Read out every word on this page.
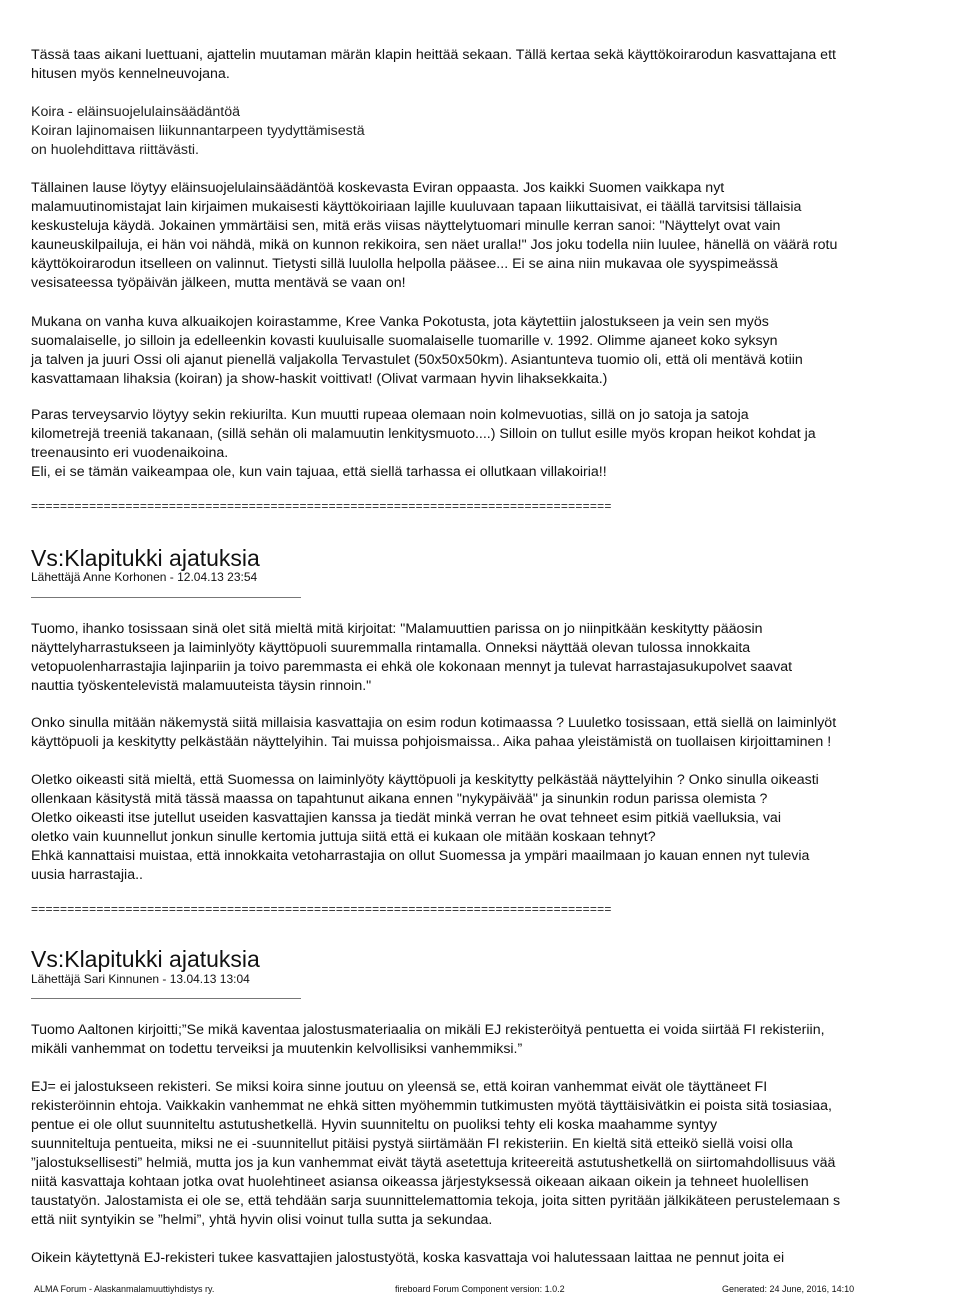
Tässä taas aikani luettuani, ajattelin muutaman märän klapin heittää sekaan. Tällä kertaa sekä käyttökoirarodun kasvattajana ett

hitusen myös kennelneuvojana.

Koira - eläinsuojelulainsäädäntöä

Koiran lajinomaisen liikunnantarpeen tyydyttämisestä

on huolehdittava riittävästi.

Tällainen lause löytyy eläinsuojelulainsäädäntöä koskevasta Eviran oppaasta. Jos kaikki Suomen vaikkapa nyt

malamuutinomistajat lain kirjaimen mukaisesti käyttökoiriaan lajille kuuluvaan tapaan liikuttaisivat, ei täällä tarvitsisi tällaisia

keskusteluja käydä. Jokainen ymmärtäisi sen, mitä eräs viisas näyttelytuomari minulle kerran sanoi: "Näyttelyt ovat vain

kauneuskilpailuja, ei hän voi nähdä, mikä on kunnon rekikoira, sen näet uralla!" Jos joku todella niin luulee, hänellä on väärä rotu

käyttökoirarodun itselleen on valinnut. Tietysti sillä luulolla helpolla pääsee... Ei se aina niin mukavaa ole syyspimeässä

vesisateessa työpäivän jälkeen, mutta mentävä se vaan on!

Mukana on vanha kuva alkuaikojen koirastamme, Kree Vanka Pokotusta, jota käytettiin jalostukseen ja vein sen myös

suomalaiselle, jo silloin ja edelleenkin kovasti kuuluisalle suomalaiselle tuomarille v. 1992. Olimme ajaneet koko syksyn

ja talven ja juuri Ossi oli ajanut pienellä valjakolla Tervastulet (50x50x50km). Asiantunteva tuomio oli, että oli mentävä kotiin

kasvattamaan lihaksia (koiran) ja show-haskit voittivat! (Olivat varmaan hyvin lihaksekkaita.)

Paras terveysarvio löytyy sekin rekiurilta. Kun muutti rupeaa olemaan noin kolmevuotias, sillä on jo satoja ja satoja

kilometrejä treeniä takanaan, (sillä sehän oli malamuutin lenkitysmuoto....) Silloin on tullut esille myös kropan heikot kohdat ja

treenausinto eri vuodenaikoina.

Eli, ei se tämän vaikeampaa ole, kun vain tajuaa, että siellä tarhassa ei ollutkaan villakoiria!!

================================================================================
Vs:Klapitukki ajatuksia
Lähettäjä Anne Korhonen - 12.04.13 23:54

Tuomo, ihanko tosissaan sinä olet sitä mieltä mitä kirjoitat: "Malamuuttien parissa on jo niinpitkään keskitytty pääosin

näyttelyharrastukseen ja laiminlyöty käyttöpuoli suuremmalla rintamalla. Onneksi näyttää olevan tulossa innokkaita

vetopuolenharrastajia lajinpariin ja toivo paremmasta ei ehkä ole kokonaan mennyt ja tulevat harrastajasukupolvet saavat

nauttia työskentelevistä malamuuteista täysin rinnoin."

Onko sinulla mitään näkemystä siitä millaisia kasvattajia on esim rodun kotimaassa ? Luuletko tosissaan, että siellä on laiminlyöt

käyttöpuoli ja keskitytty pelkästään näyttelyihin. Tai muissa pohjoismaissa.. Aika pahaa yleistämistä on tuollaisen kirjoittaminen !

Oletko oikeasti sitä mieltä, että Suomessa on laiminlyöty käyttöpuoli ja keskitytty pelkästää näyttelyihin ? Onko sinulla oikeasti

ollenkaan käsitystä mitä tässä maassa on tapahtunut aikana ennen "nykypäivää" ja sinunkin rodun parissa olemista ?

Oletko oikeasti itse jutellut useiden kasvattajien kanssa ja tiedät minkä verran he ovat tehneet esim pitkiä vaelluksia, vai

oletko vain kuunnellut jonkun sinulle kertomia juttuja siitä että ei kukaan ole mitään koskaan tehnyt?

Ehkä kannattaisi muistaa, että innokkaita vetoharrastajia on ollut Suomessa ja ympäri maailmaan jo kauan ennen nyt tulevia

uusia harrastajia..

================================================================================
Vs:Klapitukki ajatuksia
Lähettäjä Sari Kinnunen - 13.04.13 13:04

Tuomo Aaltonen kirjoitti;”Se mikä kaventaa jalostusmateriaalia on mikäli EJ rekisteröityä pentuetta ei voida siirtää FI rekisteriin,

mikäli vanhemmat on todettu terveiksi ja muutenkin kelvollisiksi vanhemmiksi.”

EJ= ei jalostukseen rekisteri. Se miksi koira sinne joutuu on yleensä se, että koiran vanhemmat eivät ole täyttäneet FI

rekisteröinnin ehtoja. Vaikkakin vanhemmat ne ehkä sitten myöhemmin tutkimusten myötä täyttäisivätkin ei poista sitä tosiasiaa,

pentue ei ole ollut suunniteltu astutushetkellä. Hyvin suunniteltu on puoliksi tehty eli koska maahamme syntyy

suunniteltuja pentueita, miksi ne ei -suunnitellut pitäisi pystyä siirtämään FI rekisteriin. En kieltä sitä etteikö siellä voisi olla

”jalostuksellisesti” helmiä, mutta jos ja kun vanhemmat eivät täytä asetettuja kriteereitä astutushetkellä on siirtomahdollisuus vää

niitä kasvattaja kohtaan jotka ovat huolehtineet asiansa oikeassa järjestyksessä oikeaan aikaan oikein ja tehneet huolellisen

taustatyön. Jalostamista ei ole se, että tehdään sarja suunnittelemattomia tekoja, joita sitten pyritään jälkikäteen perustelemaan s

että niit syntyikin se ”helmi”, yhtä hyvin olisi voinut tulla sutta ja sekundaa.

Oikein käytettynä EJ-rekisteri tukee kasvattajien jalostustyötä, koska kasvattaja voi halutessaan laittaa ne pennut joita ei

ALMA Forum - Alaskanmalamuuttiyhdistys ry.	fireboard Forum Component version: 1.0.2	Generated: 24 June, 2016, 14:10
